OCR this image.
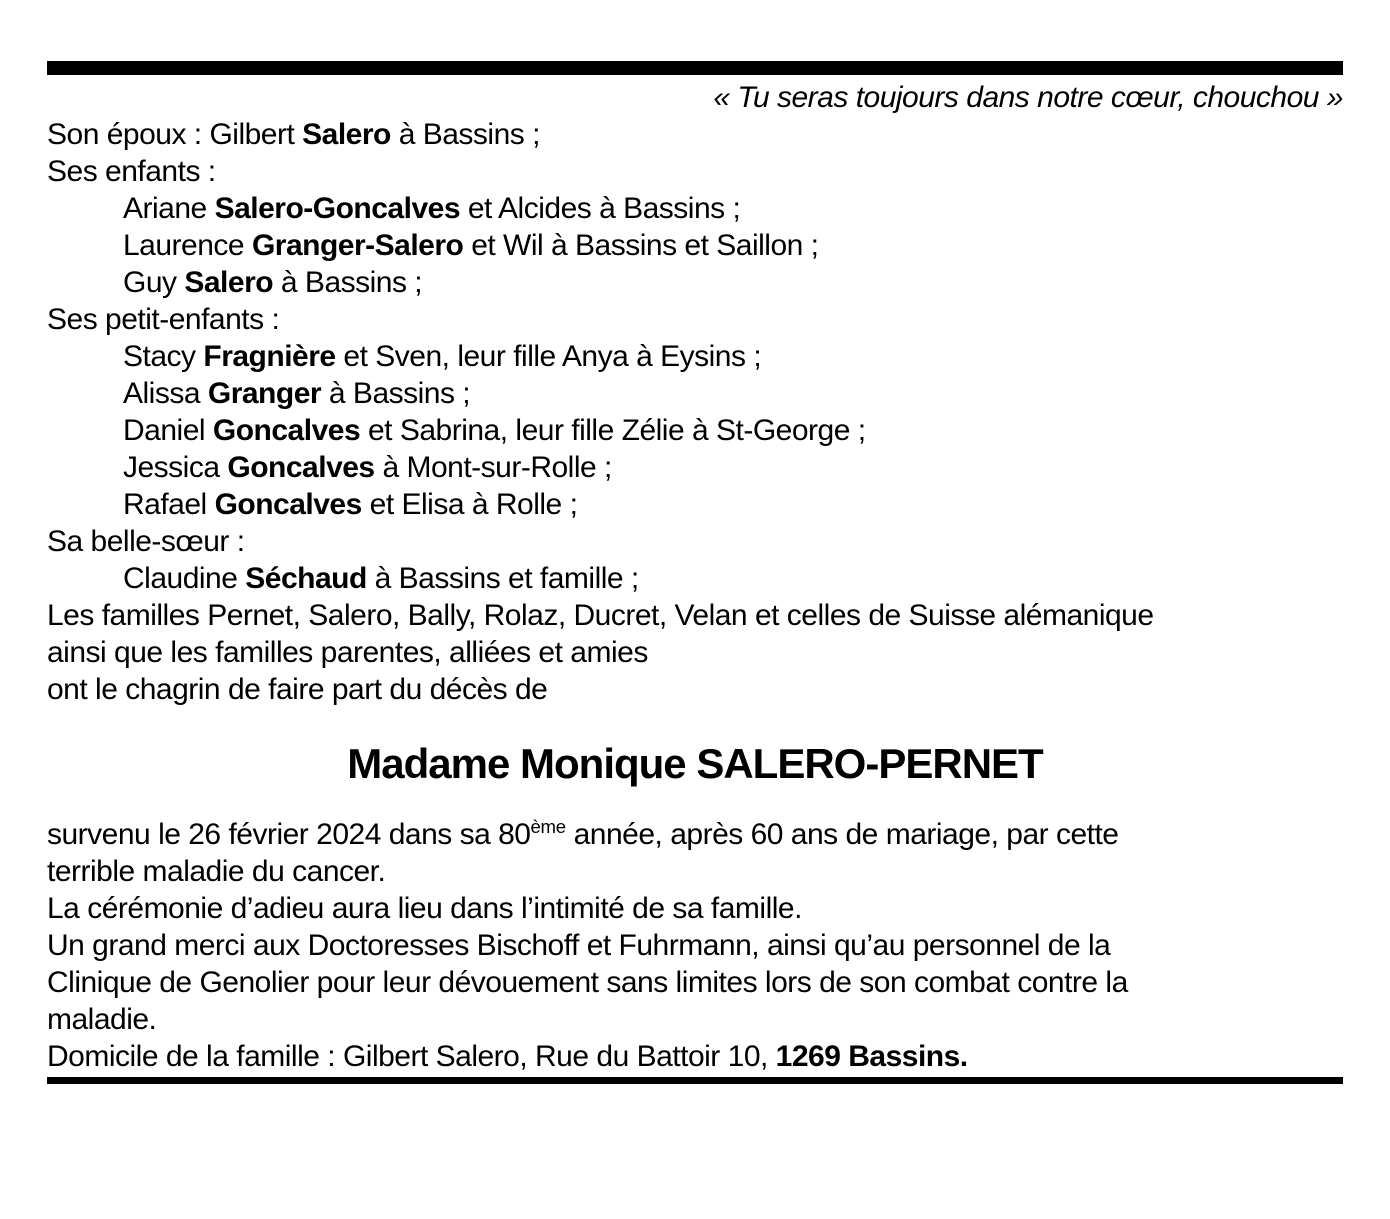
« Tu seras toujours dans notre cœur, chouchou »
Son époux : Gilbert Salero à Bassins ;
Ses enfants :
Ariane Salero-Goncalves et Alcides à Bassins ;
Laurence Granger-Salero et Wil à Bassins et Saillon ;
Guy Salero à Bassins ;
Ses petit-enfants :
Stacy Fragnière et Sven, leur fille Anya à Eysins ;
Alissa Granger à Bassins ;
Daniel Goncalves et Sabrina, leur fille Zélie à St-George ;
Jessica Goncalves à Mont-sur-Rolle ;
Rafael Goncalves et Elisa à Rolle ;
Sa belle-sœur :
Claudine Séchaud à Bassins et famille ;
Les familles Pernet, Salero, Bally, Rolaz, Ducret, Velan et celles de Suisse alémanique
ainsi que les familles parentes, alliées et amies
ont le chagrin de faire part du décès de
Madame Monique SALERO-PERNET
survenu le 26 février 2024 dans sa 80ème année, après 60 ans de mariage, par cette
terrible maladie du cancer.
La cérémonie d’adieu aura lieu dans l’intimité de sa famille.
Un grand merci aux Doctoresses Bischoff et Fuhrmann, ainsi qu’au personnel de la
Clinique de Genolier pour leur dévouement sans limites lors de son combat contre la
maladie.
Domicile de la famille : Gilbert Salero, Rue du Battoir 10, 1269 Bassins.
